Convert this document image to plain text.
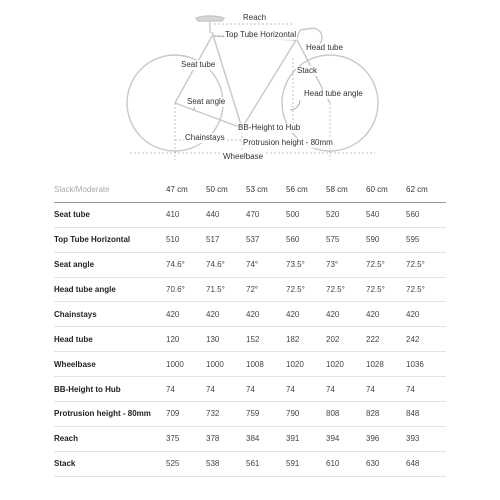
Reach
Top Tube Horizontal
Head tube
Seat tube
Stack
Head tube angle
Seat angle
BB-Height to Hub
Chainstays
Protrusion height - 80mm
Wheelbase
Slack/Moderate	47 cm	50 cm	53 cm	56 cm	58 cm	60 cm	62 cm
Seat tube	410	440	470	500	520	540	560
Top Tube Horizontal	510	517	537	560	575	590	595
Seat angle	74.6°	74.6°	74°	73.5°	73°	72.5°	72.5°
Head tube angle	70.6°	71.5°	72°	72.5°	72.5°	72.5°	72.5°
Chainstays	420	420	420	420	420	420	420
Head tube	120	130	152	182	202	222	242
Wheelbase	1000	1000	1008	1020	1020	1028	1036
BB-Height to Hub	74	74	74	74	74	74	74
Protrusion height - 80mm	709	732	759	790	808	828	848
Reach	375	378	384	391	394	396	393
Stack	525	538	561	591	610	630	648
